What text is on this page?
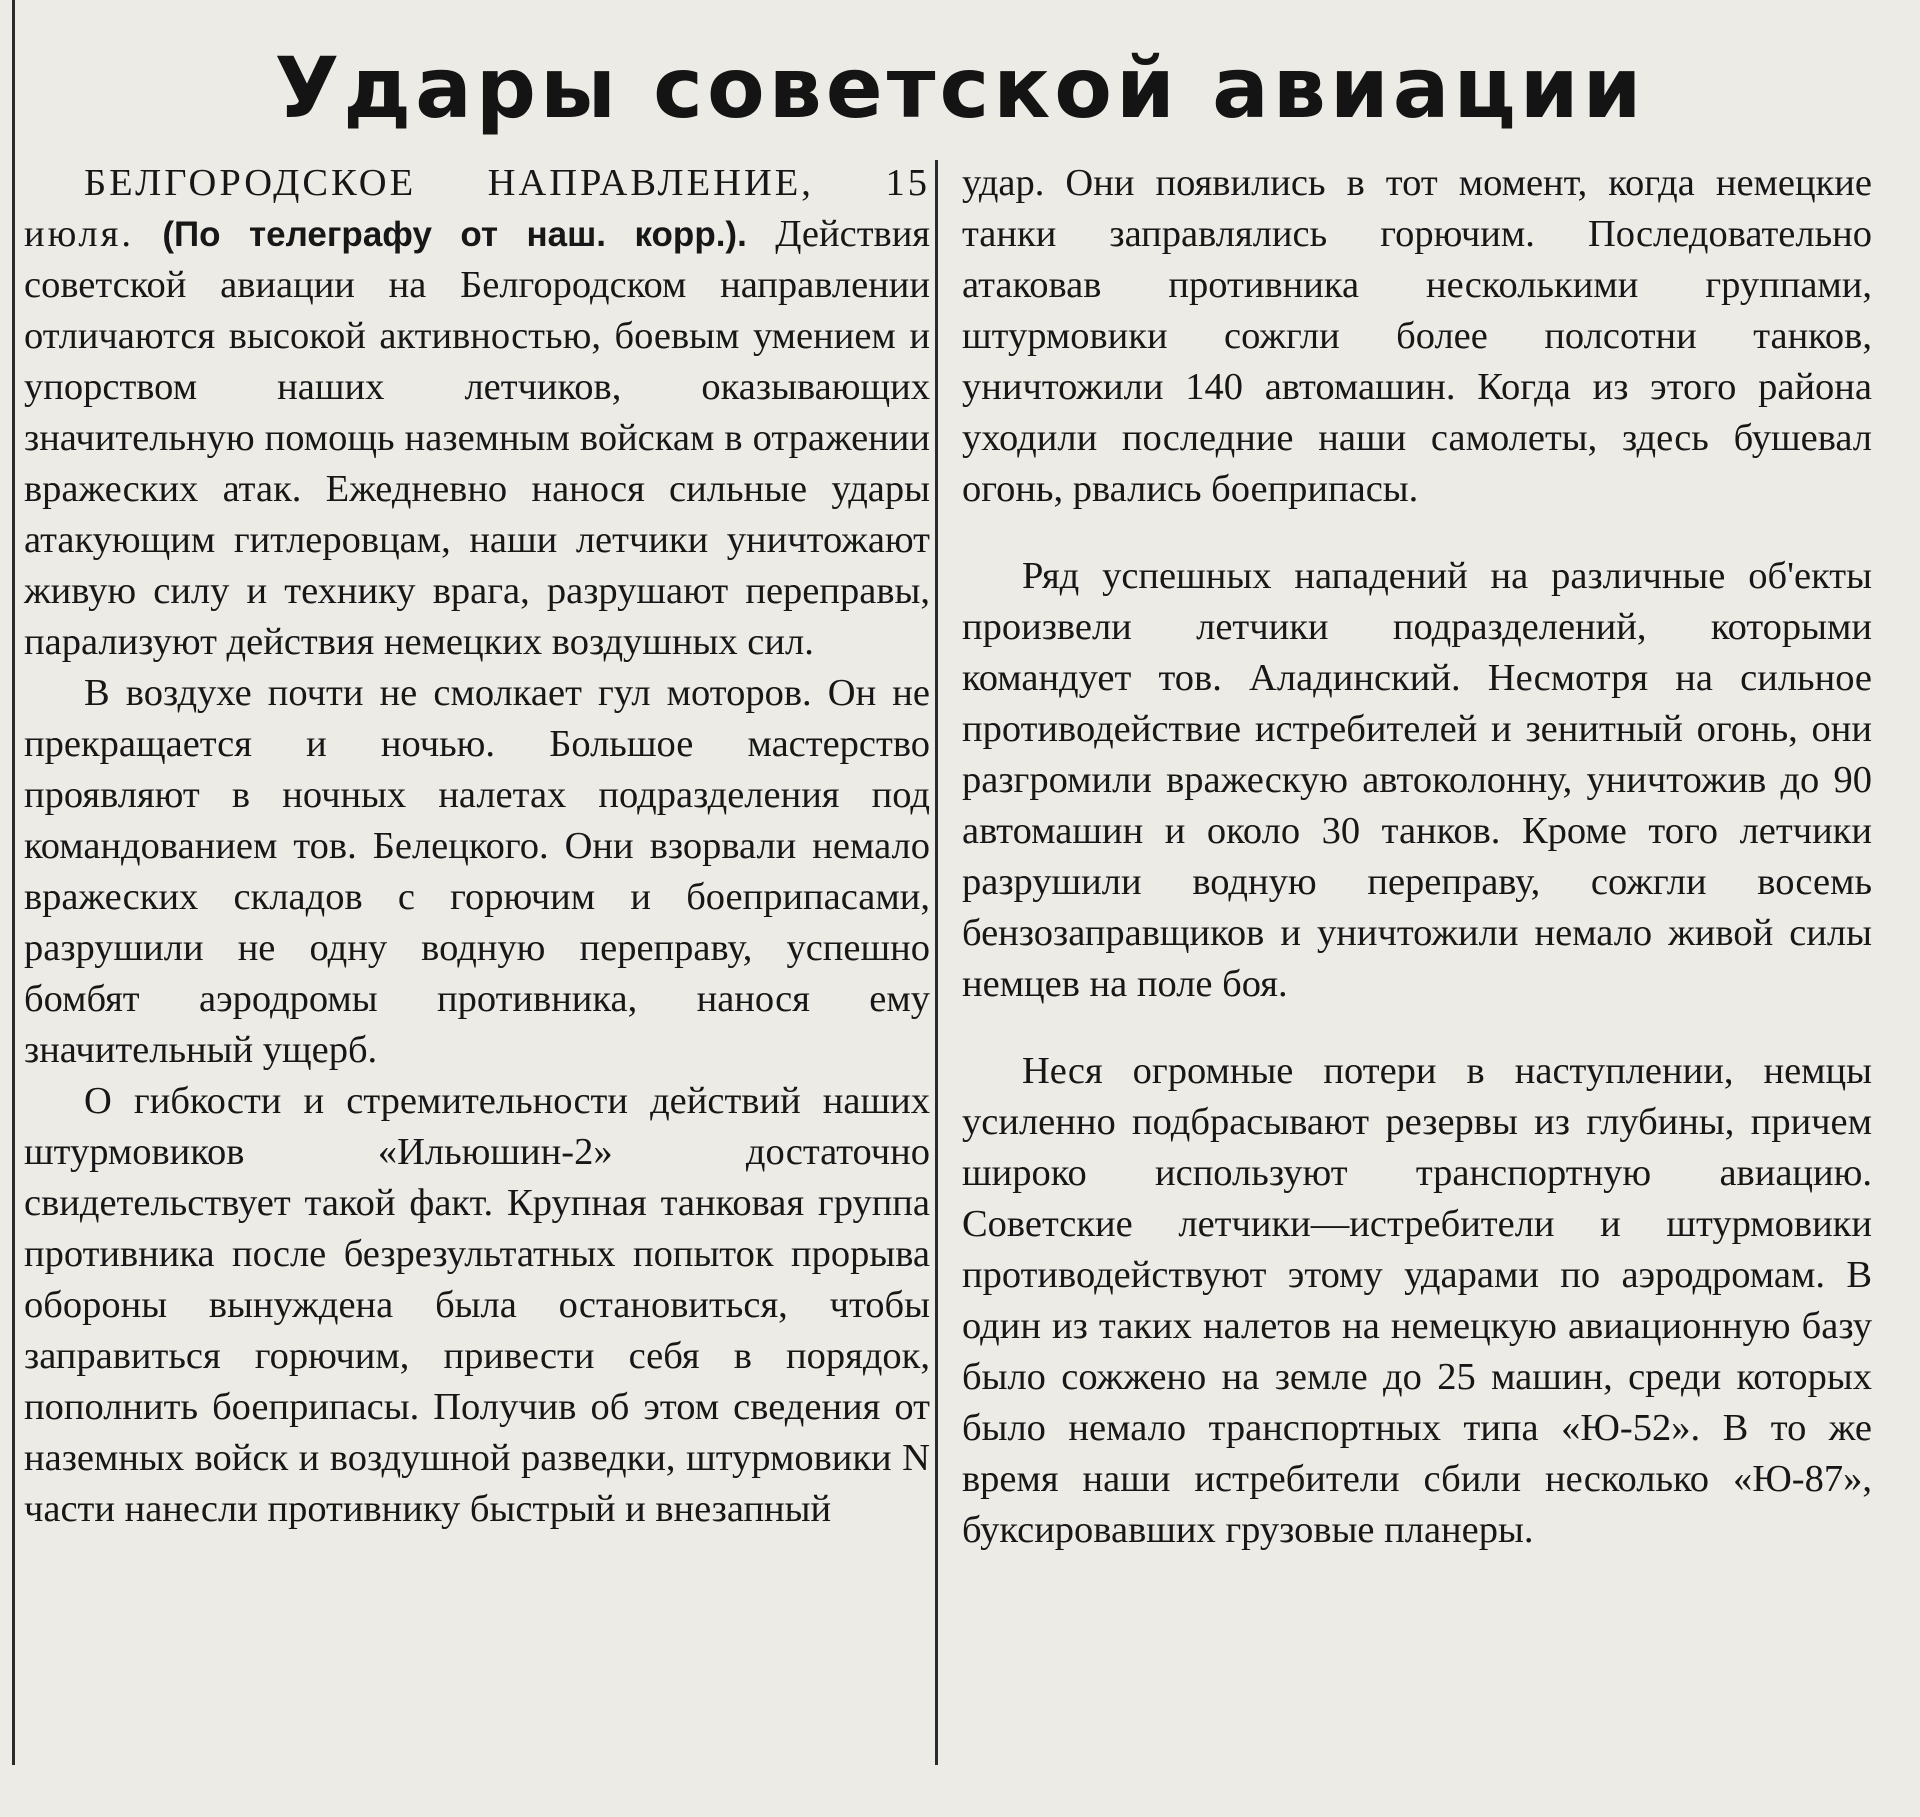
Удары советской авиации

БЕЛГОРОДСКОЕ НАПРАВЛЕНИЕ, 15 июля. (По телеграфу от наш. корр.). Действия советской авиации на Белгородском направлении отличаются высокой активностью, боевым умением и упорством наших летчиков, оказывающих значительную помощь наземным войскам в отражении вражеских атак. Ежедневно нанося сильные удары атакующим гитлеровцам, наши летчики уничтожают живую силу и технику врага, разрушают переправы, парализуют действия немецких воздушных сил.

В воздухе почти не смолкает гул моторов. Он не прекращается и ночью. Большое мастерство проявляют в ночных налетах подразделения под командованием тов. Белецкого. Они взорвали немало вражеских складов с горючим и боеприпасами, разрушили не одну водную переправу, успешно бомбят аэродромы противника, нанося ему значительный ущерб.

О гибкости и стремительности действий наших штурмовиков «Ильюшин-2» достаточно свидетельствует такой факт. Крупная танковая группа противника после безрезультатных попыток прорыва обороны вынуждена была остановиться, чтобы заправиться горючим, привести себя в порядок, пополнить боеприпасы. Получив об этом сведения от наземных войск и воздушной разведки, штурмовики N части нанесли противнику быстрый и внезапный

удар. Они появились в тот момент, когда немецкие танки заправлялись горючим. Последовательно атаковав противника несколькими группами, штурмовики сожгли более полсотни танков, уничтожили 140 автомашин. Когда из этого района уходили последние наши самолеты, здесь бушевал огонь, рвались боеприпасы.

Ряд успешных нападений на различные об'екты произвели летчики подразделений, которыми командует тов. Аладинский. Несмотря на сильное противодействие истребителей и зенитный огонь, они разгромили вражескую автоколонну, уничтожив до 90 автомашин и около 30 танков. Кроме того летчики разрушили водную переправу, сожгли восемь бензозаправщиков и уничтожили немало живой силы немцев на поле боя.

Неся огромные потери в наступлении, немцы усиленно подбрасывают резервы из глубины, причем широко используют транспортную авиацию. Советские летчики—истребители и штурмовики противодействуют этому ударами по аэродромам. В один из таких налетов на немецкую авиационную базу было сожжено на земле до 25 машин, среди которых было немало транспортных типа «Ю-52». В то же время наши истребители сбили несколько «Ю-87», буксировавших грузовые планеры.
